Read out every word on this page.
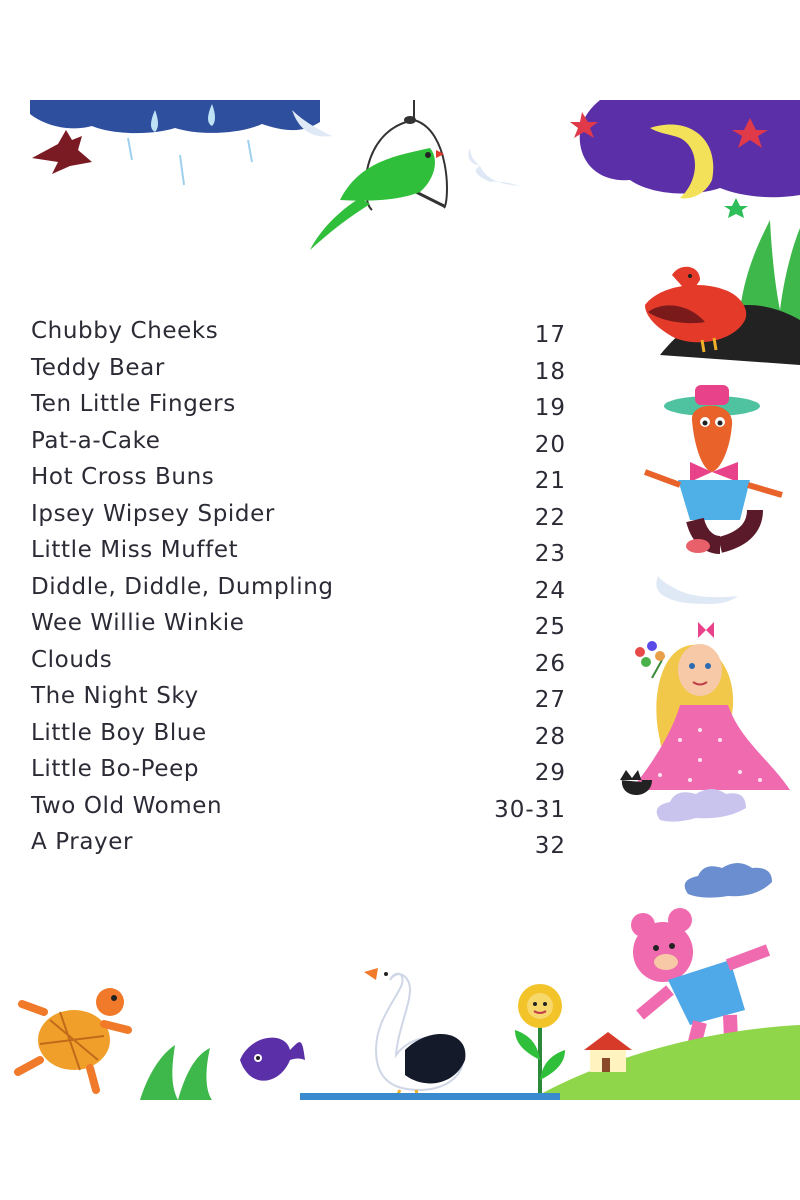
Chubby Cheeks	17
Teddy Bear	18
Ten Little Fingers	19
Pat-a-Cake	20
Hot Cross Buns	21
Ipsey Wipsey Spider	22
Little Miss Muffet	23
Diddle, Diddle, Dumpling	24
Wee Willie Winkie	25
Clouds	26
The Night Sky	27
Little Boy Blue	28
Little Bo-Peep	29
Two Old Women	30-31
A Prayer	32
